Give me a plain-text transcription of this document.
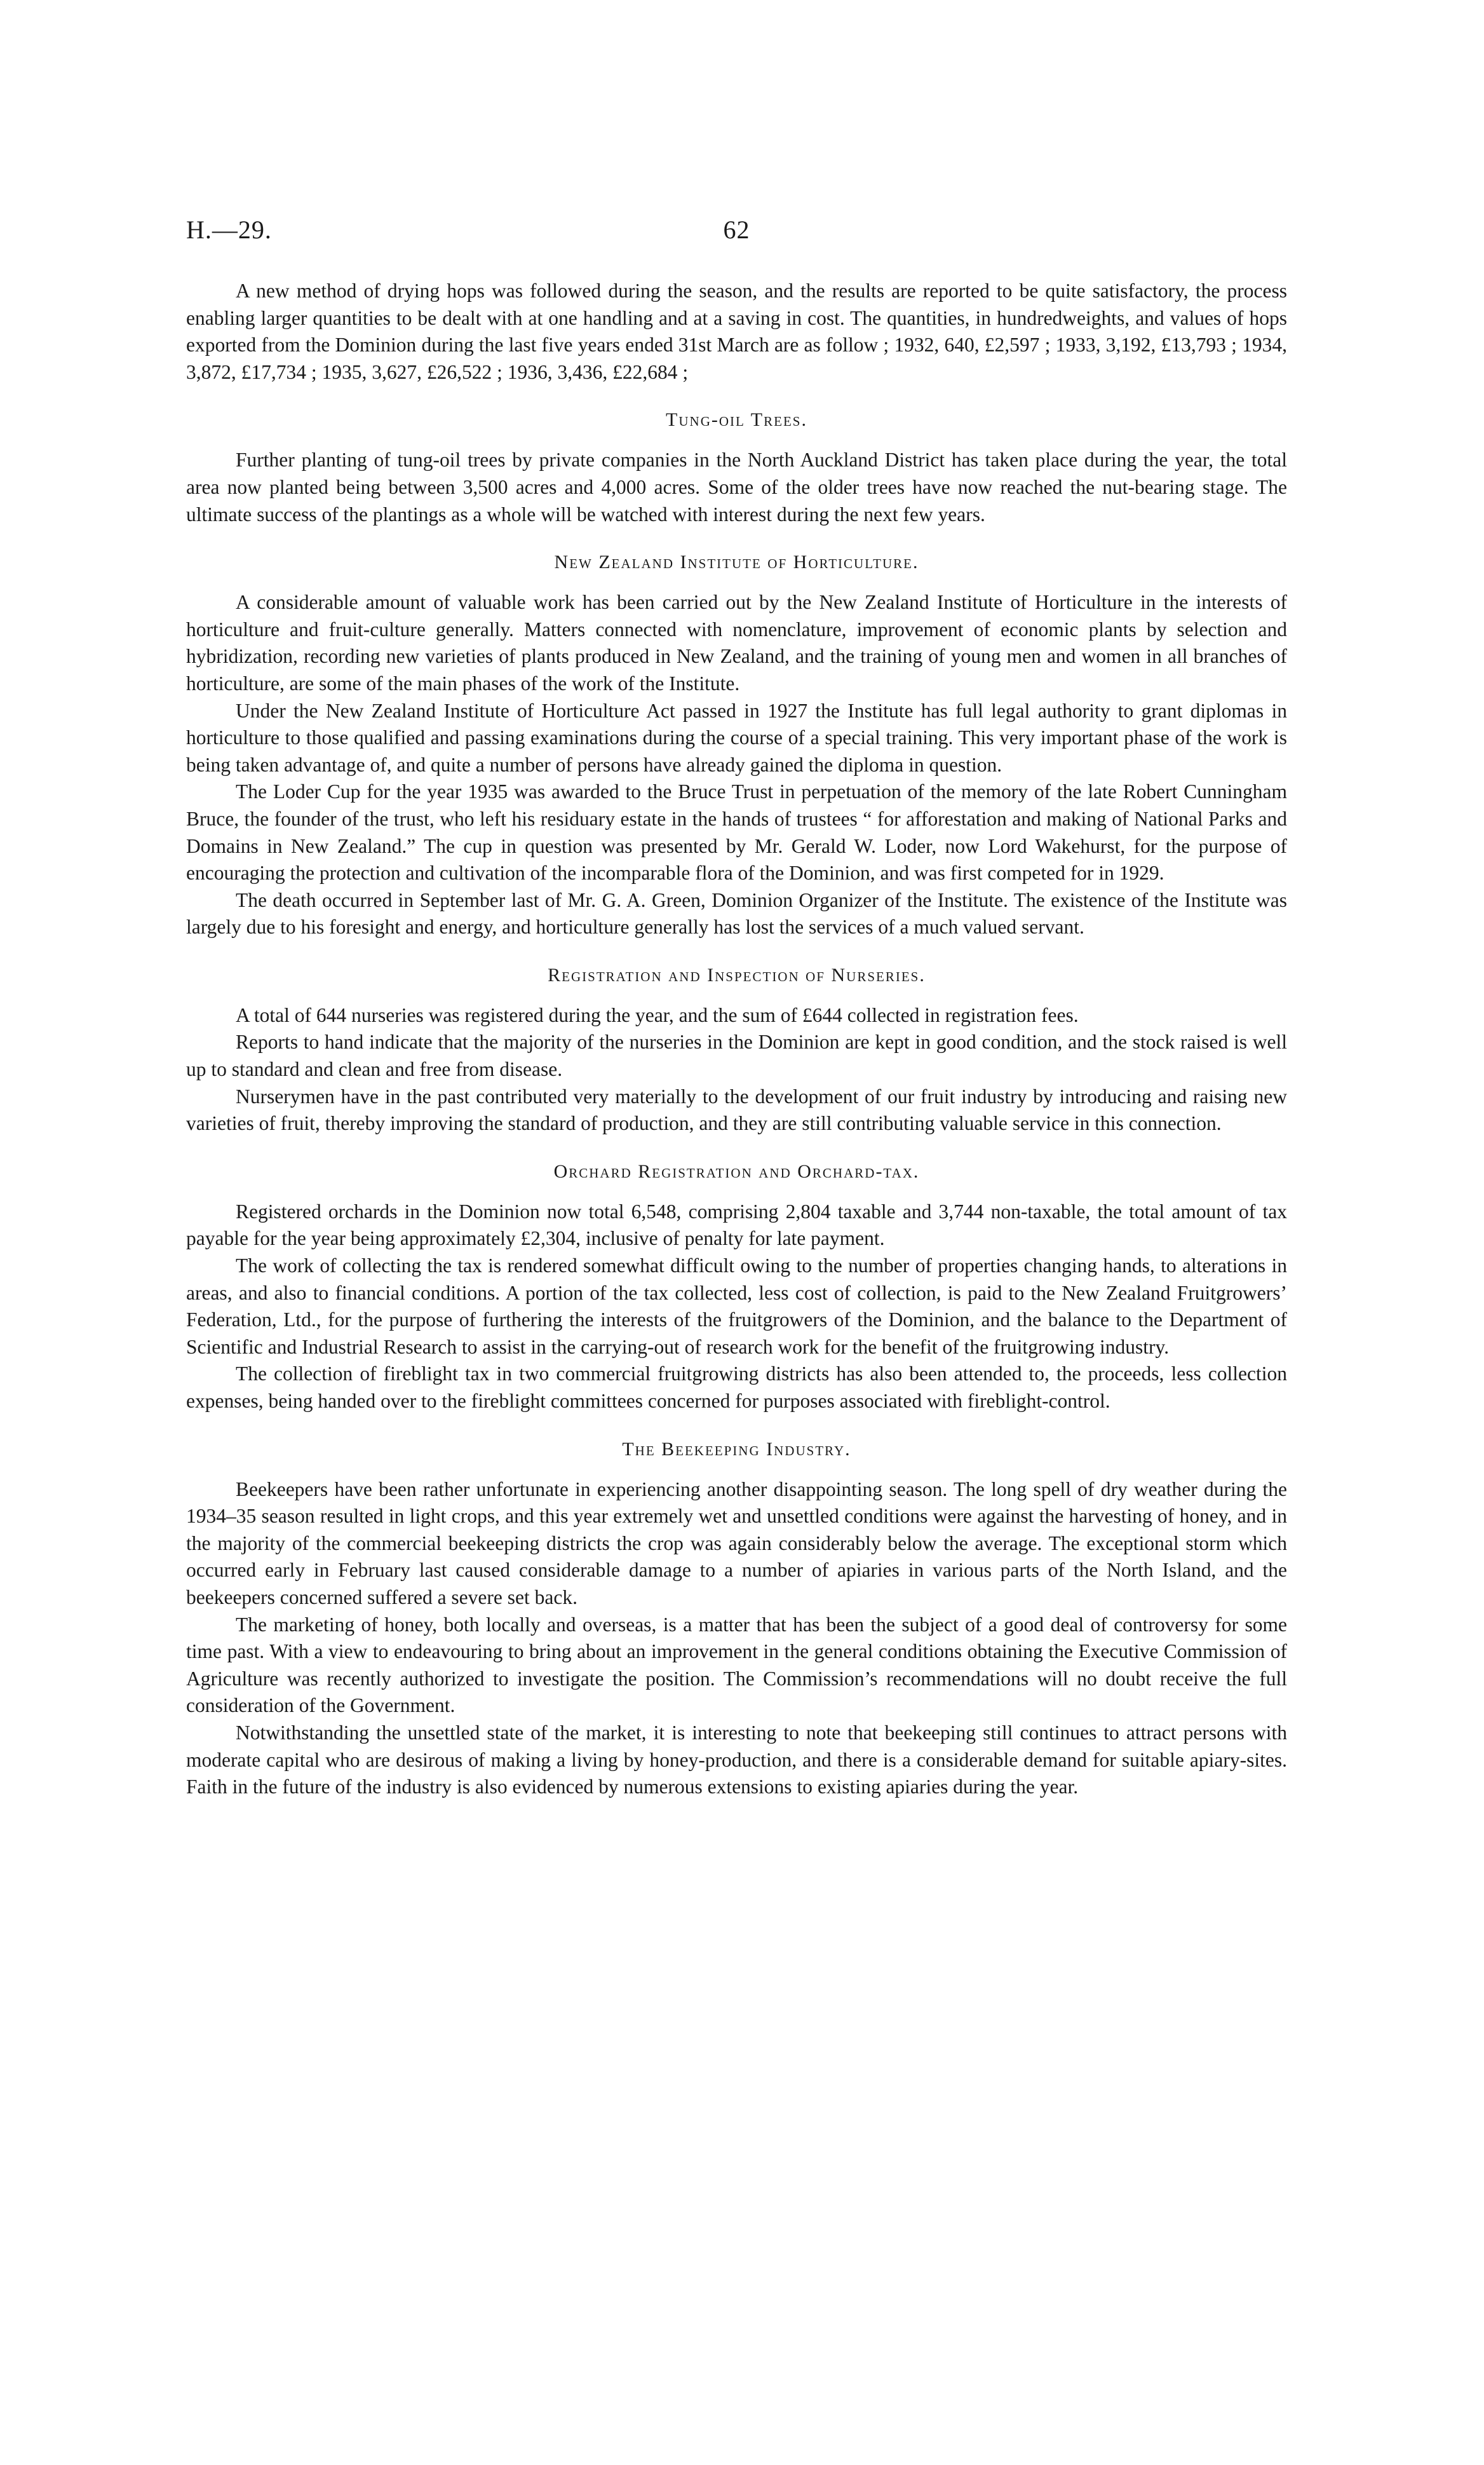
H.—29.	62

A new method of drying hops was followed during the season, and the results are reported to be quite satisfactory, the process enabling larger quantities to be dealt with at one handling and at a saving in cost. The quantities, in hundredweights, and values of hops exported from the Dominion during the last five years ended 31st March are as follow ; 1932, 640, £2,597 ; 1933, 3,192, £13,793 ; 1934, 3,872, £17,734 ; 1935, 3,627, £26,522 ; 1936, 3,436, £22,684 ;

Tung-oil Trees.

Further planting of tung-oil trees by private companies in the North Auckland District has taken place during the year, the total area now planted being between 3,500 acres and 4,000 acres. Some of the older trees have now reached the nut-bearing stage. The ultimate success of the plantings as a whole will be watched with interest during the next few years.

New Zealand Institute of Horticulture.

A considerable amount of valuable work has been carried out by the New Zealand Institute of Horticulture in the interests of horticulture and fruit-culture generally. Matters connected with nomenclature, improvement of economic plants by selection and hybridization, recording new varieties of plants produced in New Zealand, and the training of young men and women in all branches of horticulture, are some of the main phases of the work of the Institute.

Under the New Zealand Institute of Horticulture Act passed in 1927 the Institute has full legal authority to grant diplomas in horticulture to those qualified and passing examinations during the course of a special training. This very important phase of the work is being taken advantage of, and quite a number of persons have already gained the diploma in question.

The Loder Cup for the year 1935 was awarded to the Bruce Trust in perpetuation of the memory of the late Robert Cunningham Bruce, the founder of the trust, who left his residuary estate in the hands of trustees “ for afforestation and making of National Parks and Domains in New Zealand.” The cup in question was presented by Mr. Gerald W. Loder, now Lord Wakehurst, for the purpose of encouraging the protection and cultivation of the incomparable flora of the Dominion, and was first competed for in 1929.

The death occurred in September last of Mr. G. A. Green, Dominion Organizer of the Institute. The existence of the Institute was largely due to his foresight and energy, and horticulture generally has lost the services of a much valued servant.

Registration and Inspection of Nurseries.

A total of 644 nurseries was registered during the year, and the sum of £644 collected in registration fees.

Reports to hand indicate that the majority of the nurseries in the Dominion are kept in good condition, and the stock raised is well up to standard and clean and free from disease.

Nurserymen have in the past contributed very materially to the development of our fruit industry by introducing and raising new varieties of fruit, thereby improving the standard of production, and they are still contributing valuable service in this connection.

Orchard Registration and Orchard-tax.

Registered orchards in the Dominion now total 6,548, comprising 2,804 taxable and 3,744 non-taxable, the total amount of tax payable for the year being approximately £2,304, inclusive of penalty for late payment.

The work of collecting the tax is rendered somewhat difficult owing to the number of properties changing hands, to alterations in areas, and also to financial conditions. A portion of the tax collected, less cost of collection, is paid to the New Zealand Fruitgrowers’ Federation, Ltd., for the purpose of furthering the interests of the fruitgrowers of the Dominion, and the balance to the Department of Scientific and Industrial Research to assist in the carrying-out of research work for the benefit of the fruitgrowing industry.

The collection of fireblight tax in two commercial fruitgrowing districts has also been attended to, the proceeds, less collection expenses, being handed over to the fireblight committees concerned for purposes associated with fireblight-control.

The Beekeeping Industry.

Beekeepers have been rather unfortunate in experiencing another disappointing season. The long spell of dry weather during the 1934–35 season resulted in light crops, and this year extremely wet and unsettled conditions were against the harvesting of honey, and in the majority of the commercial beekeeping districts the crop was again considerably below the average. The exceptional storm which occurred early in February last caused considerable damage to a number of apiaries in various parts of the North Island, and the beekeepers concerned suffered a severe set back.

The marketing of honey, both locally and overseas, is a matter that has been the subject of a good deal of controversy for some time past. With a view to endeavouring to bring about an improvement in the general conditions obtaining the Executive Commission of Agriculture was recently authorized to investigate the position. The Commission’s recommendations will no doubt receive the full consideration of the Government.

Notwithstanding the unsettled state of the market, it is interesting to note that beekeeping still continues to attract persons with moderate capital who are desirous of making a living by honey-production, and there is a considerable demand for suitable apiary-sites. Faith in the future of the industry is also evidenced by numerous extensions to existing apiaries during the year.
